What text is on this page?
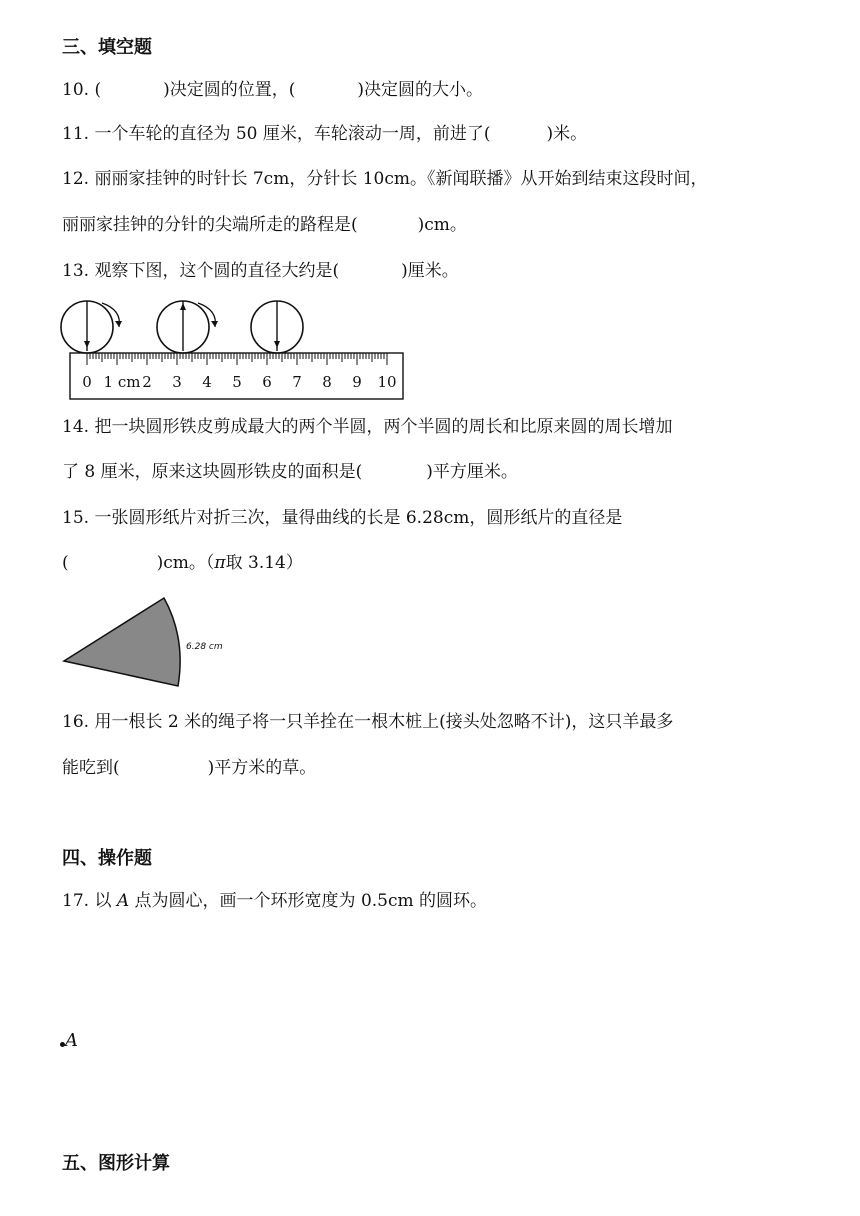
三、填空题
10. (	)决定圆的位置，(	)决定圆的大小。
11. 一个车轮的直径为 50 厘米，车轮滚动一周，前进了(	)米。
12. 丽丽家挂钟的时针长 7cm，分针长 10cm。《新闻联播》从开始到结束这段时间，
丽丽家挂钟的分针的尖端所走的路程是(	)cm。
13. 观察下图，这个圆的直径大约是(	)厘米。
0 1 cm 2 3 4 5 6 7 8 9 10
14. 把一块圆形铁皮剪成最大的两个半圆，两个半圆的周长和比原来圆的周长增加
了 8 厘米，原来这块圆形铁皮的面积是(	)平方厘米。
15. 一张圆形纸片对折三次，量得曲线的长是 6.28cm，圆形纸片的直径是
(	)cm。（π取 3.14）
6.28 cm
16. 用一根长 2 米的绳子将一只羊拴在一根木桩上(接头处忽略不计)，这只羊最多
能吃到(	)平方米的草。
四、操作题
17. 以 A 点为圆心，画一个环形宽度为 0.5cm 的圆环。
A
五、图形计算
